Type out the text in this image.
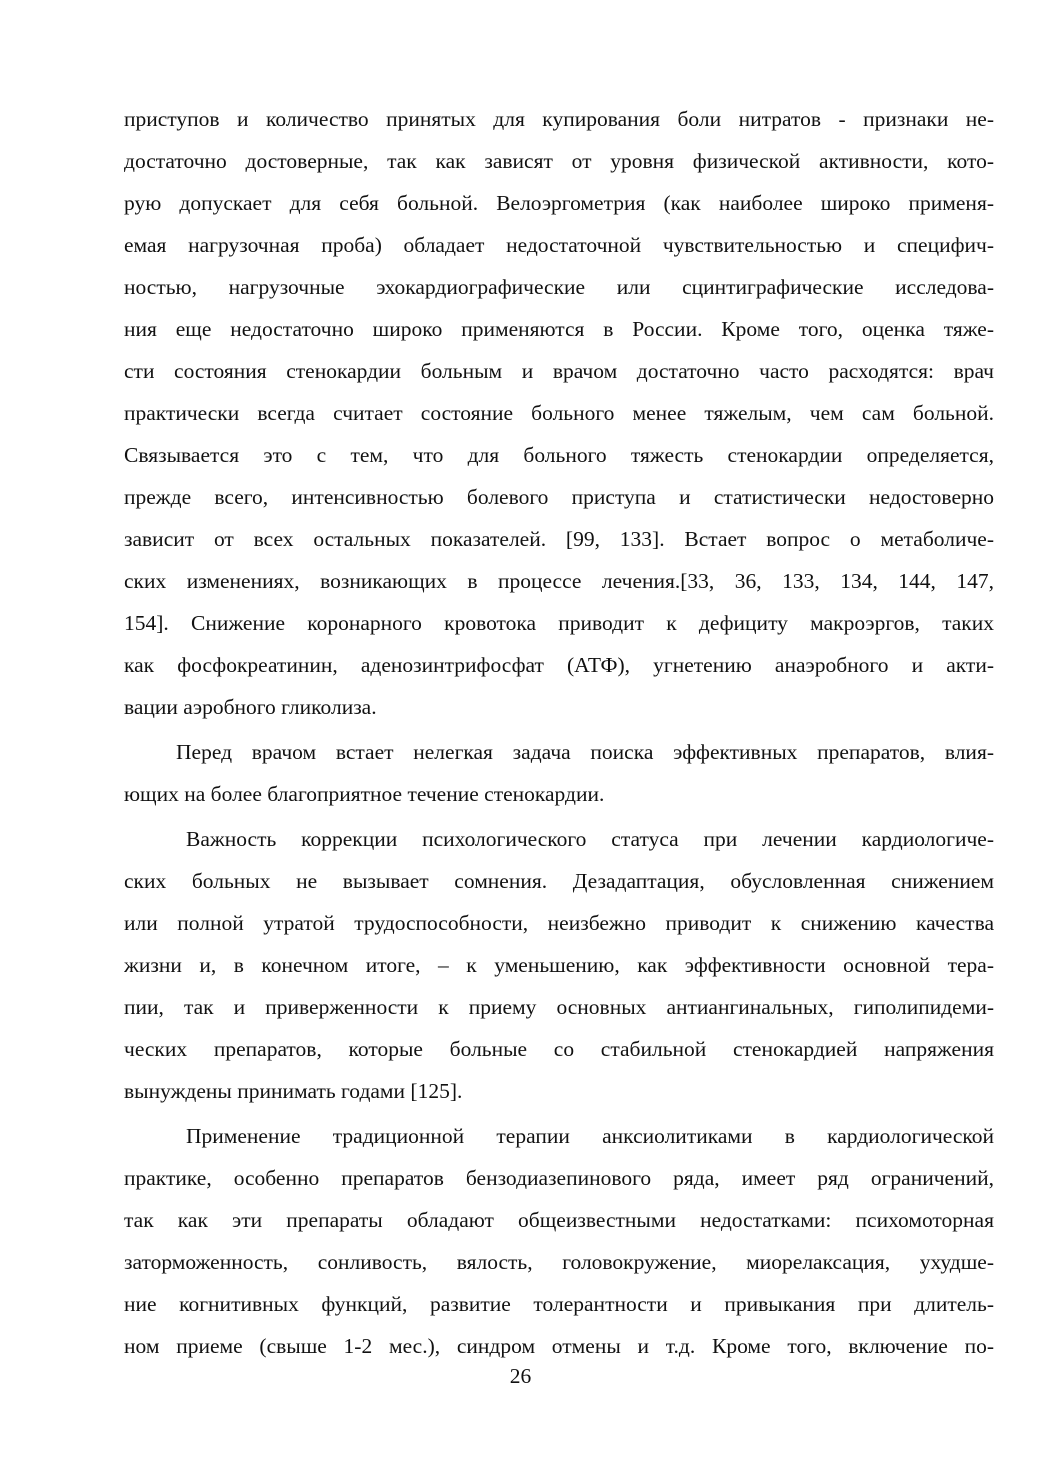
приступов и количество принятых для купирования боли нитратов - признаки не-
достаточно достоверные, так как зависят от уровня физической активности, кото-
рую допускает для себя больной. Велоэргометрия (как наиболее широко применя-
емая нагрузочная проба) обладает недостаточной чувствительностью и специфич-
ностью, нагрузочные эхокардиографические или сцинтиграфические исследова-
ния еще недостаточно широко применяются в России. Кроме того, оценка тяже-
сти состояния стенокардии больным и врачом достаточно часто расходятся: врач
практически всегда считает состояние больного менее тяжелым, чем сам больной.
Связывается это с тем, что для больного тяжесть стенокардии определяется,
прежде всего, интенсивностью болевого приступа и статистически недостоверно
зависит от всех остальных показателей. [99, 133]. Встает вопрос о метаболиче-
ских изменениях, возникающих в процессе лечения.[33, 36, 133, 134, 144, 147,
154]. Снижение коронарного кровотока приводит к дефициту макроэргов, таких
как фосфокреатинин, аденозинтрифосфат (АТФ), угнетению анаэробного и акти-
вации аэробного гликолиза.
Перед врачом встает нелегкая задача поиска эффективных препаратов, влия-
ющих на более благоприятное течение стенокардии.
Важность коррекции психологического статуса при лечении кардиологиче-
ских больных не вызывает сомнения. Дезадаптация, обусловленная снижением
или полной утратой трудоспособности, неизбежно приводит к снижению качества
жизни и, в конечном итоге, – к уменьшению, как эффективности основной тера-
пии, так и приверженности к приему основных антиангинальных, гиполипидеми-
ческих препаратов, которые больные со стабильной стенокардией напряжения
вынуждены принимать годами [125].
Применение традиционной терапии анксиолитиками в кардиологической
практике, особенно препаратов бензодиазепинового ряда, имеет ряд ограничений,
так как эти препараты обладают общеизвестными недостатками: психомоторная
заторможенность, сонливость, вялость, головокружение, миорелаксация, ухудше-
ние когнитивных функций, развитие толерантности и привыкания при длитель-
ном приеме (свыше 1-2 мес.), синдром отмены и т.д. Кроме того, включение по-
26
